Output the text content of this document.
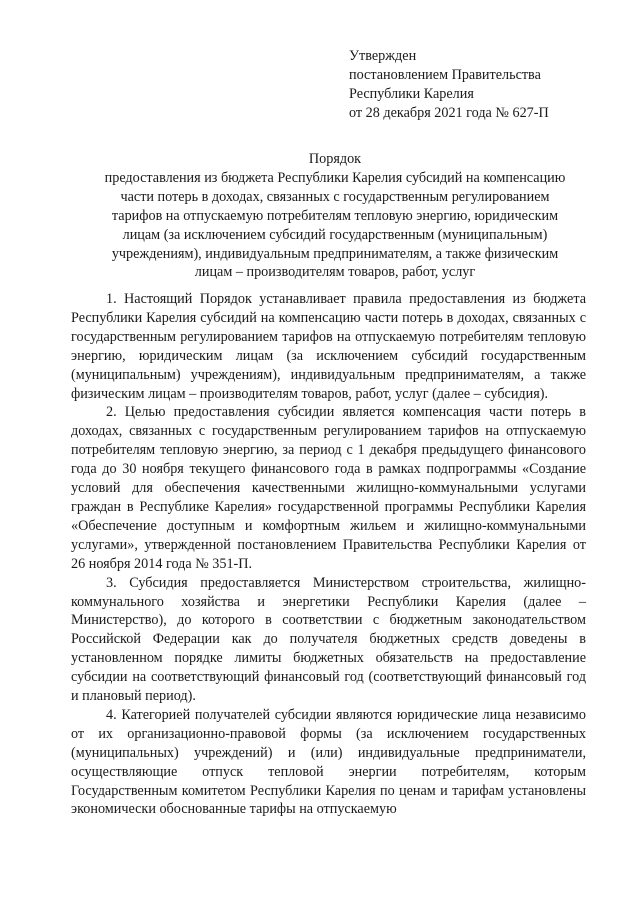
Утвержден
постановлением Правительства
Республики Карелия
от 28 декабря 2021 года № 627-П
Порядок
предоставления из бюджета Республики Карелия субсидий на компенсацию
части потерь в доходах, связанных с государственным регулированием
тарифов на отпускаемую потребителям тепловую энергию, юридическим
лицам (за исключением субсидий государственным (муниципальным)
учреждениям), индивидуальным предпринимателям, а также физическим
лицам – производителям товаров, работ, услуг

1. Настоящий Порядок устанавливает правила предоставления из бюджета Республики Карелия субсидий на компенсацию части потерь в доходах, связанных с государственным регулированием тарифов на отпускаемую потребителям тепловую энергию, юридическим лицам (за исключением субсидий государственным (муниципальным) учреждениям), индивидуальным предпринимателям, а также физическим лицам – производителям товаров, работ, услуг (далее – субсидия).

2. Целью предоставления субсидии является компенсация части потерь в доходах, связанных с государственным регулированием тарифов на отпускаемую потребителям тепловую энергию, за период с 1 декабря предыдущего финансового года до 30 ноября текущего финансового года в рамках подпрограммы «Создание условий для обеспечения качественными жилищно-коммунальными услугами граждан в Республике Карелия» государственной программы Республики Карелия «Обеспечение доступным и комфортным жильем и жилищно-коммунальными услугами», утвержденной постановлением Правительства Республики Карелия от 26 ноября 2014 года № 351-П.

3. Субсидия предоставляется Министерством строительства, жилищно-коммунального хозяйства и энергетики Республики Карелия (далее – Министерство), до которого в соответствии с бюджетным законодательством Российской Федерации как до получателя бюджетных средств доведены в установленном порядке лимиты бюджетных обязательств на предоставление субсидии на соответствующий финансовый год (соответствующий финансовый год и плановый период).

4. Категорией получателей субсидии являются юридические лица независимо от их организационно-правовой формы (за исключением государственных (муниципальных) учреждений) и (или) индивидуальные предприниматели, осуществляющие отпуск тепловой энергии потребителям, которым Государственным комитетом Республики Карелия по ценам и тарифам установлены экономически обоснованные тарифы на отпускаемую
